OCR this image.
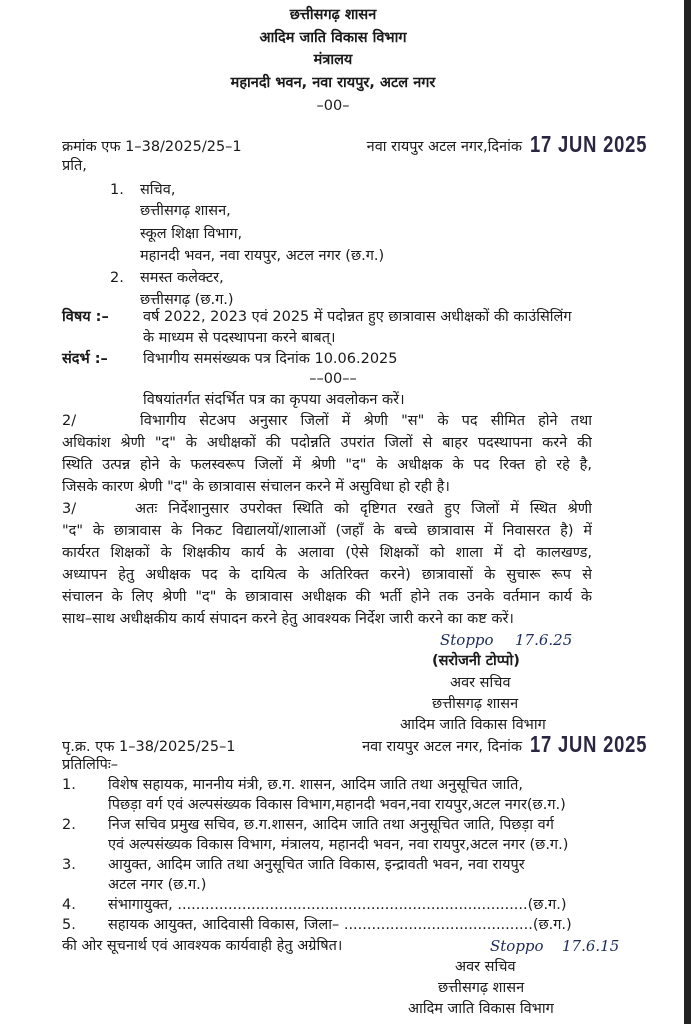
छत्तीसगढ़ शासन
आदिम जाति विकास विभाग
मंत्रालय
महानदी भवन, नवा रायपुर, अटल नगर
–00–
क्रमांक एफ 1–38/2025/25–1	नवा रायपुर अटल नगर,दिनांक 17 JUN 2025
प्रति,
1. सचिव,
छत्तीसगढ़ शासन,
स्कूल शिक्षा विभाग,
महानदी भवन, नवा रायपुर, अटल नगर (छ.ग.)
2. समस्त कलेक्टर,
छत्तीसगढ़ (छ.ग.)
विषय :– वर्ष 2022, 2023 एवं 2025 में पदोन्नत हुए छात्रावास अधीक्षकों की काउंसिलिंग
के माध्यम से पदस्थापना करने बाबत्।
संदर्भ :– विभागीय समसंख्यक पत्र दिनांक 10.06.2025
––00––
विषयांतर्गत संदर्भित पत्र का कृपया अवलोकन करें।
2/	विभागीय सेटअप अनुसार जिलों में श्रेणी "स" के पद सीमित होने तथा
अधिकांश श्रेणी "द" के अधीक्षकों की पदोन्नति उपरांत जिलों से बाहर पदस्थापना करने की
स्थिति उत्पन्न होने के फलस्वरूप जिलों में श्रेणी "द" के अधीक्षक के पद रिक्त हो रहे है,
जिसके कारण श्रेणी "द" के छात्रावास संचालन करने में असुविधा हो रही है।
3/	अतः निर्देशानुसार उपरोक्त स्थिति को दृष्टिगत रखते हुए जिलों में स्थित श्रेणी
"द" के छात्रावास के निकट विद्यालयों/शालाओं (जहाँ के बच्चे छात्रावास में निवासरत है) में
कार्यरत शिक्षकों के शिक्षकीय कार्य के अलावा (ऐसे शिक्षकों को शाला में दो कालखण्ड,
अध्यापन हेतु अधीक्षक पद के दायित्व के अतिरिक्त करने) छात्रावासों के सुचारू रूप से
संचालन के लिए श्रेणी "द" के छात्रावास अधीक्षक की भर्ती होने तक उनके वर्तमान कार्य के
साथ–साथ अधीक्षकीय कार्य संपादन करने हेतु आवश्यक निर्देश जारी करने का कष्ट करें।
Stoppo 17.6.25
(सरोजनी टोप्पो)
अवर सचिव
छत्तीसगढ़ शासन
आदिम जाति विकास विभाग
पृ.क्र. एफ 1–38/2025/25–1	नवा रायपुर अटल नगर, दिनांक 17 JUN 2025
प्रतिलिपिः–
1. विशेष सहायक, माननीय मंत्री, छ.ग. शासन, आदिम जाति तथा अनुसूचित जाति,
पिछड़ा वर्ग एवं अल्पसंख्यक विकास विभाग,महानदी भवन,नवा रायपुर,अटल नगर(छ.ग.)
2. निज सचिव प्रमुख सचिव, छ.ग.शासन, आदिम जाति तथा अनुसूचित जाति, पिछड़ा वर्ग
एवं अल्पसंख्यक विकास विभाग, मंत्रालय, महानदी भवन, नवा रायपुर,अटल नगर (छ.ग.)
3. आयुक्त, आदिम जाति तथा अनुसूचित जाति विकास, इन्द्रावती भवन, नवा रायपुर
अटल नगर (छ.ग.)
4. संभागायुक्त, ............................................................................(छ.ग.)
5. सहायक आयुक्त, आदिवासी विकास, जिला– .........................................(छ.ग.)
की ओर सूचनार्थ एवं आवश्यक कार्यवाही हेतु अग्रेषित।	Stoppo 17.6.15
अवर सचिव
छत्तीसगढ़ शासन
आदिम जाति विकास विभाग
